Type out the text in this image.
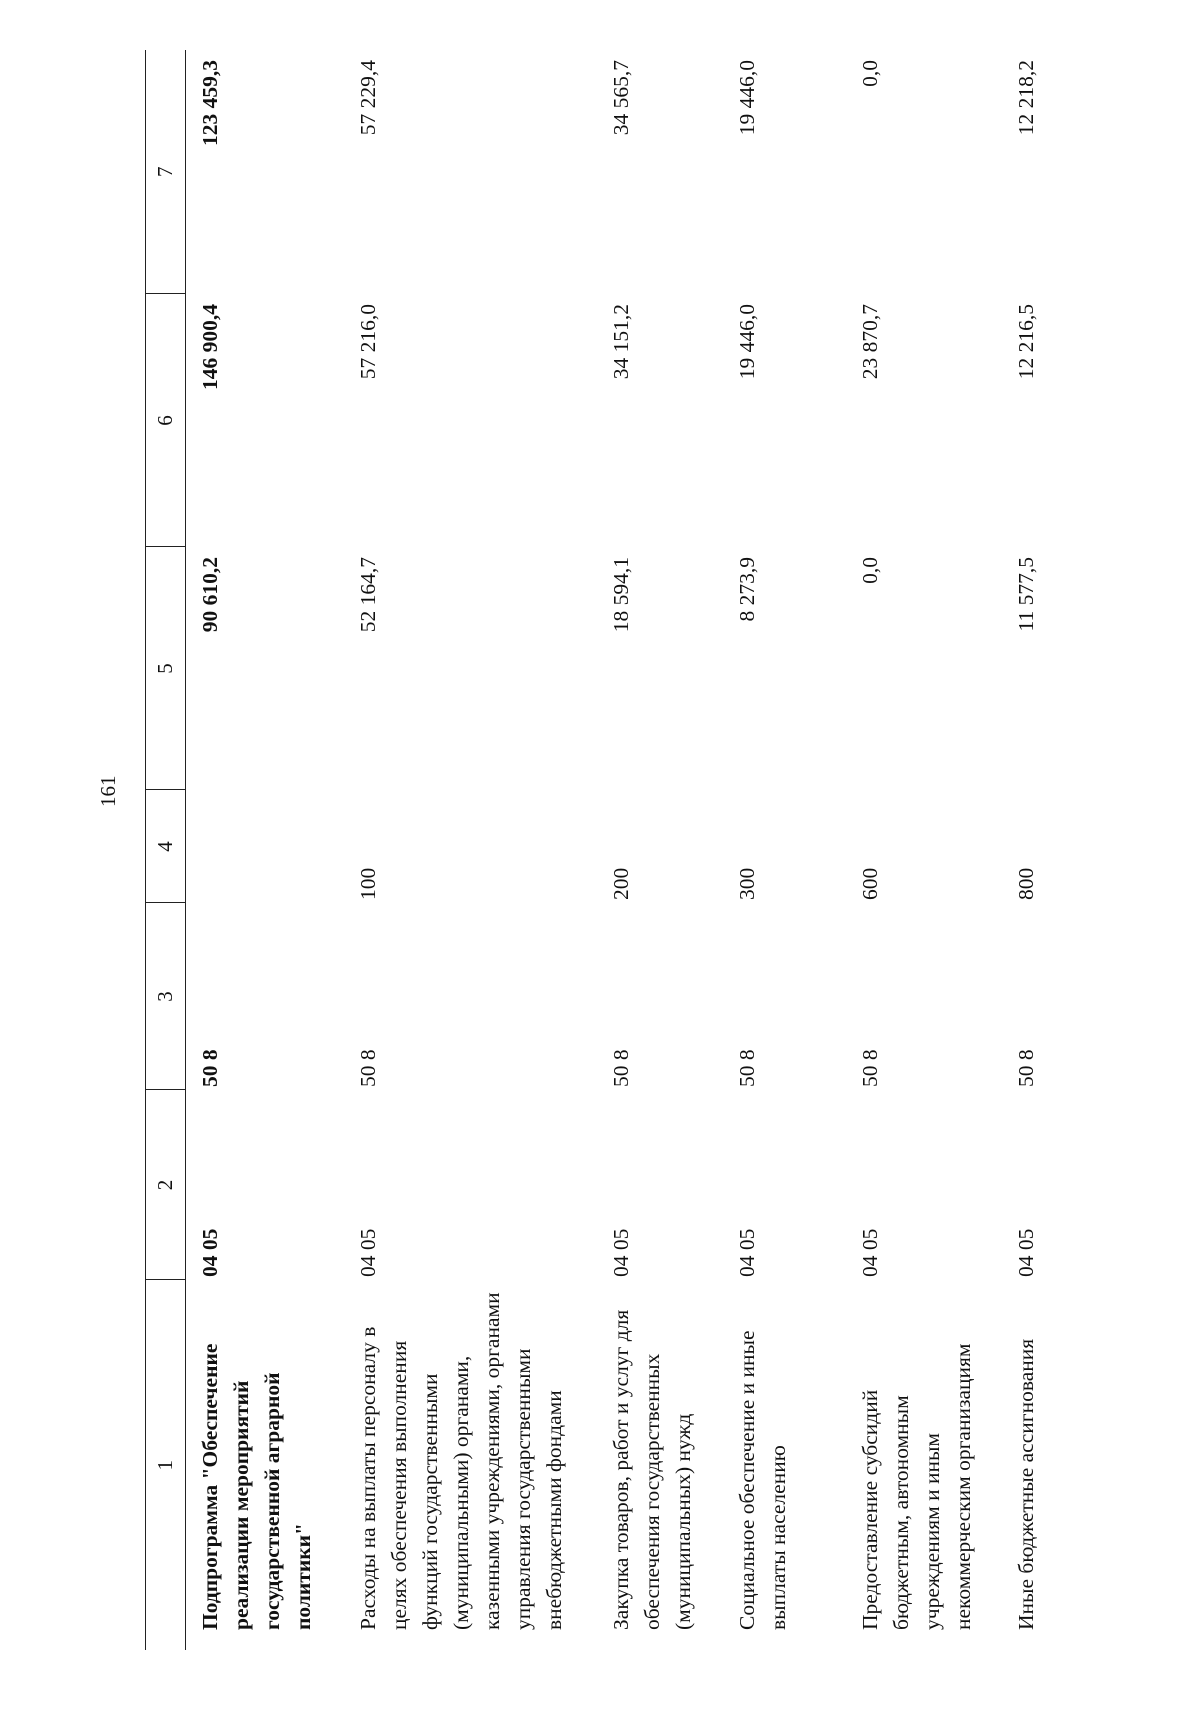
161
1	2	3	4	5	6	7
Подпрограмма "Обеспечение реализации мероприятий государственной аграрной политики"	04 05	50 8		90 610,2	146 900,4	123 459,3
Расходы на выплаты персоналу в целях обеспечения выполнения функций государственными (муниципальными) органами, казенными учреждениями, органами управления государственными внебюджетными фондами	04 05	50 8	100	52 164,7	57 216,0	57 229,4
Закупка товаров, работ и услуг для обеспечения государственных (муниципальных) нужд	04 05	50 8	200	18 594,1	34 151,2	34 565,7
Социальное обеспечение и иные выплаты населению	04 05	50 8	300	8 273,9	19 446,0	19 446,0
Предоставление субсидий бюджетным, автономным учреждениям и иным некоммерческим организациям	04 05	50 8	600	0,0	23 870,7	0,0
Иные бюджетные ассигнования	04 05	50 8	800	11 577,5	12 216,5	12 218,2
